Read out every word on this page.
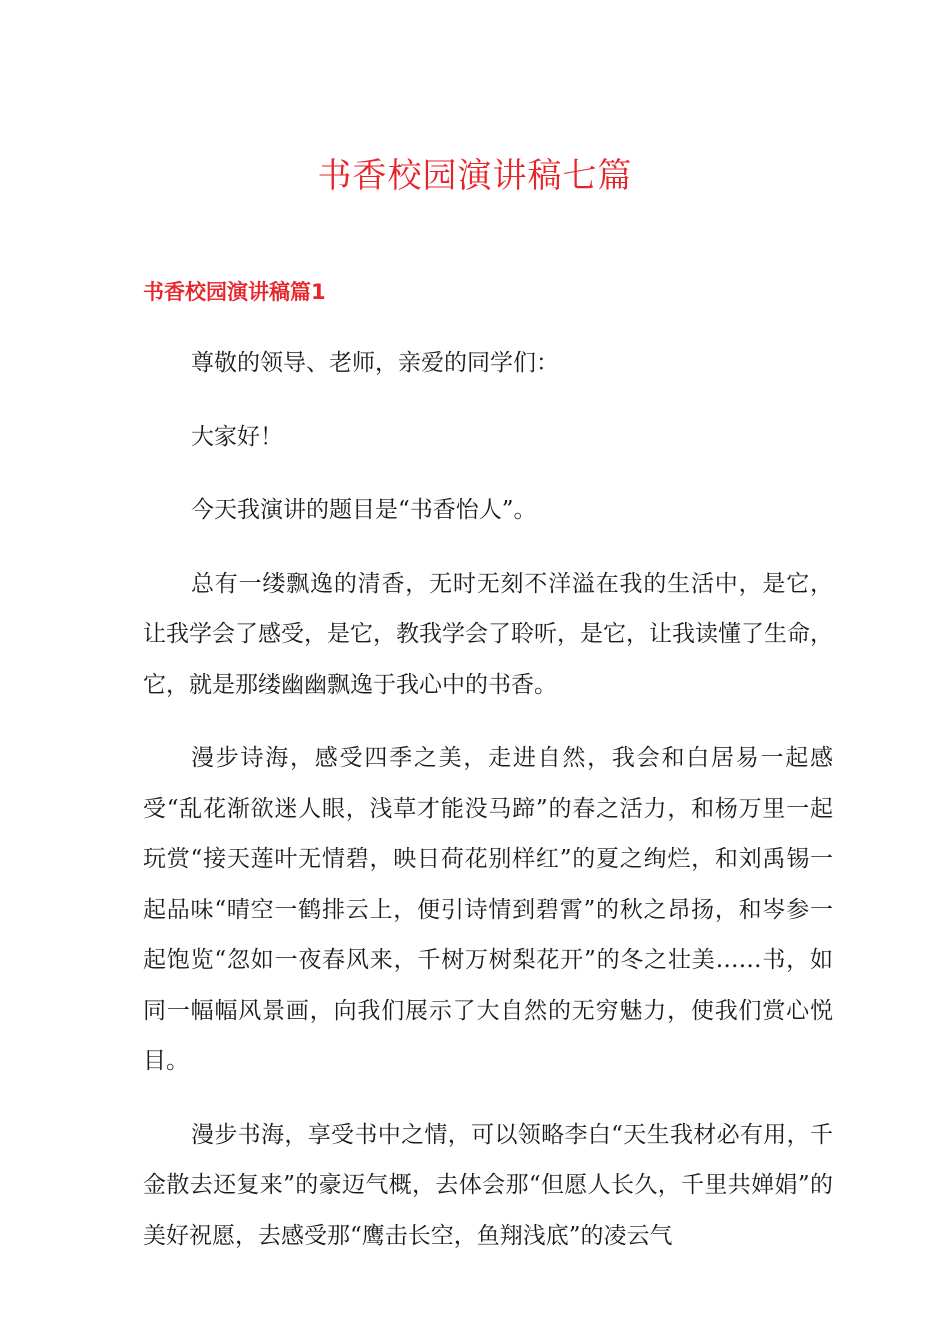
书香校园演讲稿七篇
书香校园演讲稿篇1

尊敬的领导、老师，亲爱的同学们：

大家好！

今天我演讲的题目是“书香怡人”。

总有一缕飘逸的清香，无时无刻不洋溢在我的生活中，是它，让我学会了感受，是它，教我学会了聆听，是它，让我读懂了生命，它，就是那缕幽幽飘逸于我心中的书香。

漫步诗海，感受四季之美，走进自然，我会和白居易一起感受“乱花渐欲迷人眼，浅草才能没马蹄”的春之活力，和杨万里一起玩赏“接天莲叶无情碧，映日荷花别样红”的夏之绚烂，和刘禹锡一起品味“晴空一鹤排云上，便引诗情到碧霄”的秋之昂扬，和岑参一起饱览“忽如一夜春风来，千树万树梨花开”的冬之壮美……书，如同一幅幅风景画，向我们展示了大自然的无穷魅力，使我们赏心悦目。

漫步书海，享受书中之情，可以领略李白“天生我材必有用，千金散去还复来”的豪迈气概，去体会那“但愿人长久，千里共婵娟”的美好祝愿，去感受那“鹰击长空，鱼翔浅底”的凌云气
